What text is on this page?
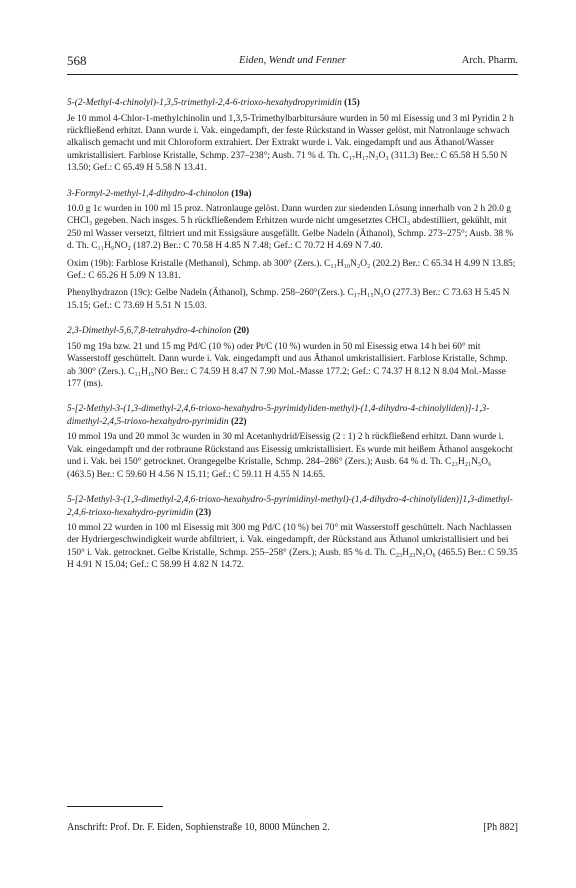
568	Eiden, Wendt und Fenner	Arch. Pharm.

5-(2-Methyl-4-chinolyl)-1,3,5-trimethyl-2,4-6-trioxo-hexahydropyrimidin (15)

Je 10 mmol 4-Chlor-1-methylchinolin und 1,3,5-Trimethylbarbitursäure wurden in 50 ml Eisessig und 3 ml Pyridin 2 h rückfließend erhitzt. Dann wurde i. Vak. eingedampft, der feste Rückstand in Wasser gelöst, mit Natronlauge schwach alkalisch gemacht und mit Chloroform extrahiert. Der Extrakt wurde i. Vak. eingedampft und aus Äthanol/Wasser umkristallisiert. Farblose Kristalle, Schmp. 237–238°; Ausb. 71 % d. Th. C₁₇H₁₇N₃O₃ (311.3) Ber.: C 65.58 H 5.50 N 13.50; Gef.: C 65.49 H 5.58 N 13.41.

3-Formyl-2-methyl-1,4-dihydro-4-chinolon (19a)

10.0 g 1c wurden in 100 ml 15 proz. Natronlauge gelöst. Dann wurden zur siedenden Lösung innerhalb von 2 h 20.0 g CHCl₃ gegeben. Nach insges. 5 h rückfließendem Erhitzen wurde nicht umgesetztes CHCl₃ abdestilliert, gekühlt, mit 250 ml Wasser versetzt, filtriert und mit Essigsäure ausgefällt. Gelbe Nadeln (Äthanol), Schmp. 273–275°; Ausb. 38 % d. Th. C₁₁H₉NO₂ (187.2) Ber.: C 70.58 H 4.85 N 7.48; Gef.: C 70.72 H 4.69 N 7.40.

Oxim (19b): Farblose Kristalle (Methanol), Schmp. ab 300° (Zers.). C₁₁H₁₀N₂O₂ (202.2) Ber.: C 65.34 H 4.99 N 13.85; Gef.: C 65.26 H 5.09 N 13.81.

Phenylhydrazon (19c): Gelbe Nadeln (Äthanol), Schmp. 258–260°(Zers.). C₁₇H₁₅N₃O (277.3) Ber.: C 73.63 H 5.45 N 15.15; Gef.: C 73.69 H 5.51 N 15.03.

2,3-Dimethyl-5,6,7,8-tetrahydro-4-chinolon (20)

150 mg 19a bzw. 21 und 15 mg Pd/C (10 %) oder Pt/C (10 %) wurden in 50 ml Eisessig etwa 14 h bei 60° mit Wasserstoff geschüttelt. Dann wurde i. Vak. eingedampft und aus Äthanol umkristallisiert. Farblose Kristalle, Schmp. ab 300° (Zers.). C₁₁H₁₅NO Ber.: C 74.59 H 8.47 N 7.90 Mol.-Masse 177.2; Gef.: C 74.37 H 8.12 N 8.04 Mol.-Masse 177 (ms).

5-[2-Methyl-3-(1,3-dimethyl-2,4,6-trioxo-hexahydro-5-pyrimidyliden-methyl)-(1,4-dihydro-4-chinolyliden)]-1,3-dimethyl-2,4,5-trioxo-hexahydro-pyrimidin (22)

10 mmol 19a und 20 mmol 3c wurden in 30 ml Acetanhydrid/Eisessig (2 : 1) 2 h rückfließend erhitzt. Dann wurde i. Vak. eingedampft und der rotbraune Rückstand aus Eisessig umkristallisiert. Es wurde mit heißem Äthanol ausgekocht und i. Vak. bei 150° getrocknet. Orangegelbe Kristalle, Schmp. 284–286° (Zers.); Ausb. 64 % d. Th. C₂₃H₂₁N₅O₆ (463.5) Ber.: C 59.60 H 4.56 N 15.11; Gef.: C 59.11 H 4.55 N 14.65.

5-[2-Methyl-3-(1,3-dimethyl-2,4,6-trioxo-hexahydro-5-pyrimidinyl-methyl)-(1,4-dihydro-4-chinolyliden)]1,3-dimethyl-2,4,6-trioxo-hexahydro-pyrimidin (23)

10 mmol 22 wurden in 100 ml Eisessig mit 300 mg Pd/C (10 %) bei 70° mit Wasserstoff geschüttelt. Nach Nachlassen der Hydriergeschwindigkeit wurde abfiltriert, i. Vak. eingedampft, der Rückstand aus Äthanol umkristallisiert und bei 150° i. Vak. getrocknet. Gelbe Kristalle, Schmp. 255–258° (Zers.); Ausb. 85 % d. Th. C₂₃H₂₃N₅O₆ (465.5) Ber.: C 59.35 H 4.91 N 15.04; Gef.: C 58.99 H 4.82 N 14.72.

Anschrift: Prof. Dr. F. Eiden, Sophienstraße 10, 8000 München 2.	[Ph 882]
